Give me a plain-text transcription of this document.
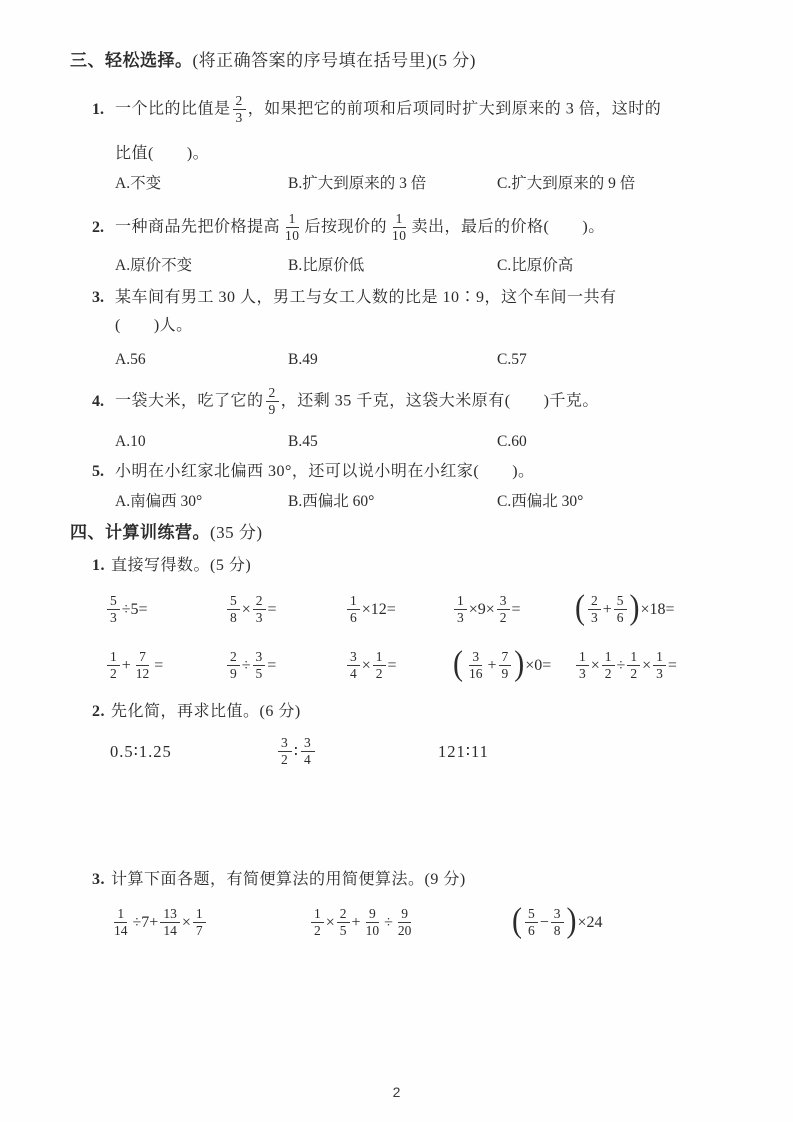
三、轻松选择。(将正确答案的序号填在括号里)(5 分)
1. 一个比的比值是 $\frac{2}{3}$ ，如果把它的前项和后项同时扩大到原来的 3 倍，这时的
比值(　　)。
A.不变	B.扩大到原来的 3 倍	C.扩大到原来的 9 倍
2. 一种商品先把价格提高 $\frac{1}{10}$ 后按现价的 $\frac{1}{10}$ 卖出，最后的价格(　　)。
A.原价不变	B.比原价低	C.比原价高
3. 某车间有男工 30 人，男工与女工人数的比是 10∶9，这个车间一共有
(　　)人。
A.56	B.49	C.57
4. 一袋大米，吃了它的 $\frac{2}{9}$ ，还剩 35 千克，这袋大米原有(　　)千克。
A.10	B.45	C.60
5. 小明在小红家北偏西 30°，还可以说小明在小红家(　　)。
A.南偏西 30°	B.西偏北 60°	C.西偏北 30°
四、计算训练营。(35 分)
1. 直接写得数。(5 分)
$\frac{5}{3} \div 5=$	$\frac{5}{8} \times \frac{2}{3}$ =	$\frac{1}{6} \times 12=$	$\frac{1}{3} \times 9\times \frac{3}{2}$ =	( $\frac{2}{3} + \frac{5}{6}$ ) ×18=
$\frac{1}{2} + \frac{7}{12}$ =	$\frac{2}{9} \div \frac{3}{5}$ =	$\frac{3}{4} \times \frac{1}{2}$ =	( $\frac{3}{16} + \frac{7}{9}$ ) ×0=	$\frac{1}{3} \times \frac{1}{2} \div \frac{1}{2} \times \frac{1}{3}$ =
2. 先化简，再求比值。(6 分)
0.5∶1.25	$\frac{3}{2}$ ∶ $\frac{3}{4}$	121∶11
3. 计算下面各题，有简便算法的用简便算法。(9 分)
$\frac{1}{14} \div 7+ \frac{13}{14} \times \frac{1}{7}$	$\frac{1}{2} \times \frac{2}{5} + \frac{9}{10} \div \frac{9}{20}$	( $\frac{5}{6} - \frac{3}{8}$ ) ×24
2
